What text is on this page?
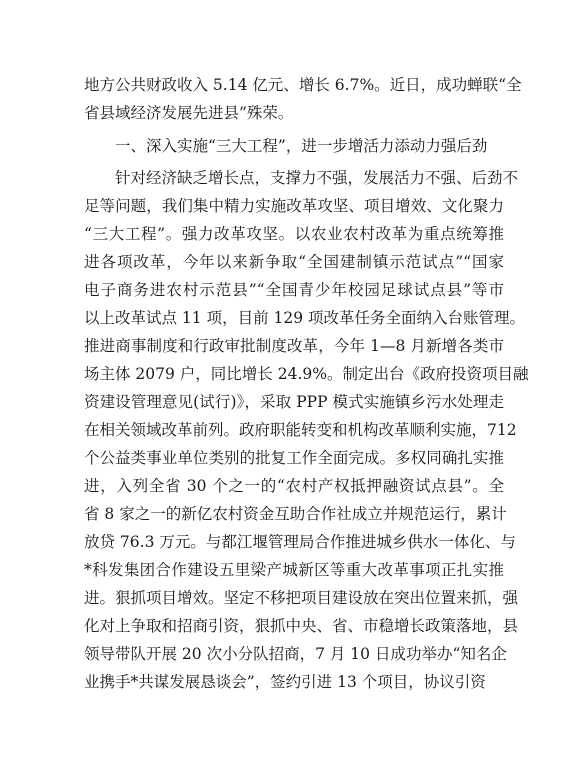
地方公共财政收入 5.14 亿元、增长 6.7%。近日，成功蝉联“全
省县域经济发展先进县”殊荣。
一、深入实施“三大工程”，进一步增活力添动力强后劲
针对经济缺乏增长点，支撑力不强，发展活力不强、后劲不
足等问题，我们集中精力实施改革攻坚、项目增效、文化聚力
“三大工程”。强力改革攻坚。以农业农村改革为重点统筹推
进各项改革，今年以来新争取“全国建制镇示范试点”“国家
电子商务进农村示范县”“全国青少年校园足球试点县”等市
以上改革试点 11 项，目前 129 项改革任务全面纳入台账管理。
推进商事制度和行政审批制度改革，今年 1—8 月新增各类市
场主体 2079 户，同比增长 24.9%。制定出台《政府投资项目融
资建设管理意见(试行)》，采取 PPP 模式实施镇乡污水处理走
在相关领域改革前列。政府职能转变和机构改革顺利实施，712
个公益类事业单位类别的批复工作全面完成。多权同确扎实推
进，入列全省 30 个之一的“农村产权抵押融资试点县”。全
省 8 家之一的新亿农村资金互助合作社成立并规范运行，累计
放贷 76.3 万元。与都江堰管理局合作推进城乡供水一体化、与
*科发集团合作建设五里梁产城新区等重大改革事项正扎实推
进。狠抓项目增效。坚定不移把项目建设放在突出位置来抓，强
化对上争取和招商引资，狠抓中央、省、市稳增长政策落地，县
领导带队开展 20 次小分队招商，7 月 10 日成功举办“知名企
业携手*共谋发展恳谈会”，签约引进 13 个项目，协议引资
